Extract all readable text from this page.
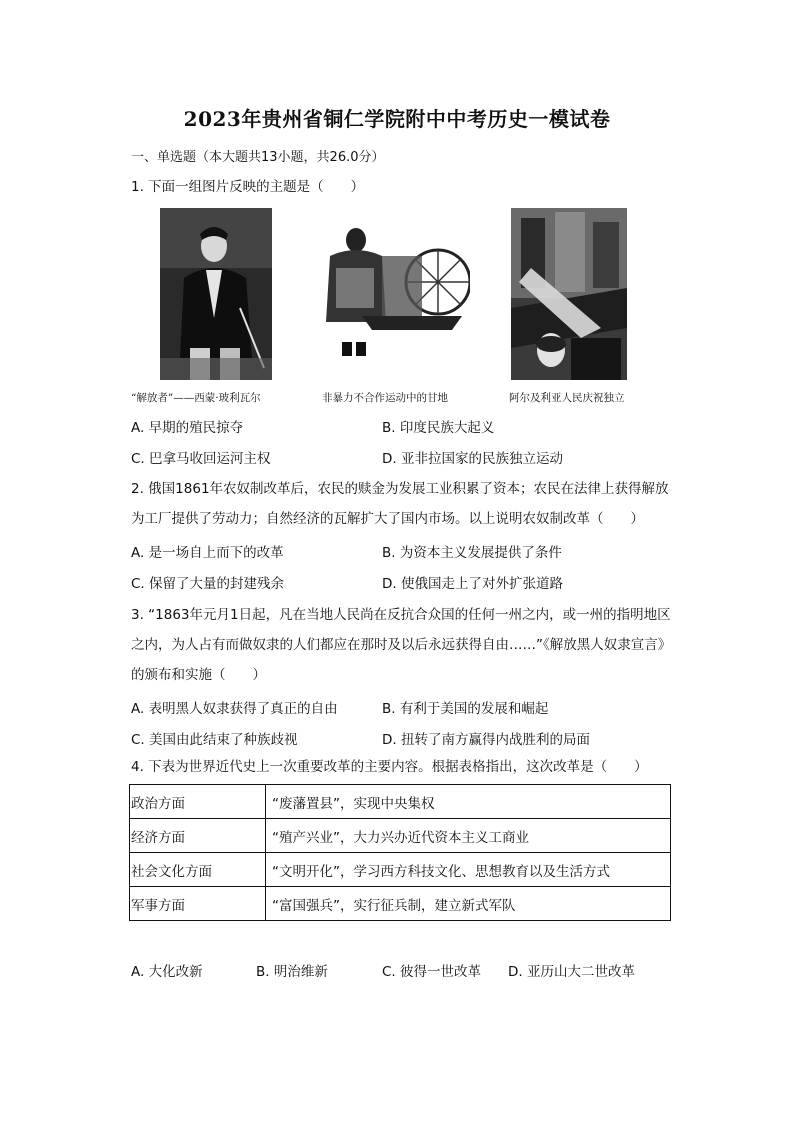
2023年贵州省铜仁学院附中中考历史一模试卷
一、单选题（本大题共13小题，共26.0分）
1. 下面一组图片反映的主题是（　　）
“解放者”——西蒙·玻利瓦尔	非暴力不合作运动中的甘地	阿尔及利亚人民庆祝独立
A. 早期的殖民掠夺	B. 印度民族大起义
C. 巴拿马收回运河主权	D. 亚非拉国家的民族独立运动
2. 俄国1861年农奴制改革后，农民的赎金为发展工业积累了资本；农民在法律上获得解放为工厂提供了劳动力；自然经济的瓦解扩大了国内市场。以上说明农奴制改革（　　）
A. 是一场自上而下的改革	B. 为资本主义发展提供了条件
C. 保留了大量的封建残余	D. 使俄国走上了对外扩张道路
3. “1863年元月1日起，凡在当地人民尚在反抗合众国的任何一州之内，或一州的指明地区之内，为人占有而做奴隶的人们都应在那时及以后永远获得自由……”《解放黑人奴隶宣言》的颁布和实施（　　）
A. 表明黑人奴隶获得了真正的自由	B. 有利于美国的发展和崛起
C. 美国由此结束了种族歧视	D. 扭转了南方赢得内战胜利的局面
4. 下表为世界近代史上一次重要改革的主要内容。根据表格指出，这次改革是（　　）
政治方面	“废藩置县”，实现中央集权
经济方面	“殖产兴业”，大力兴办近代资本主义工商业
社会文化方面	“文明开化”，学习西方科技文化、思想教育以及生活方式
军事方面	“富国强兵”，实行征兵制，建立新式军队
A. 大化改新	B. 明治维新	C. 彼得一世改革 D. 亚历山大二世改革
